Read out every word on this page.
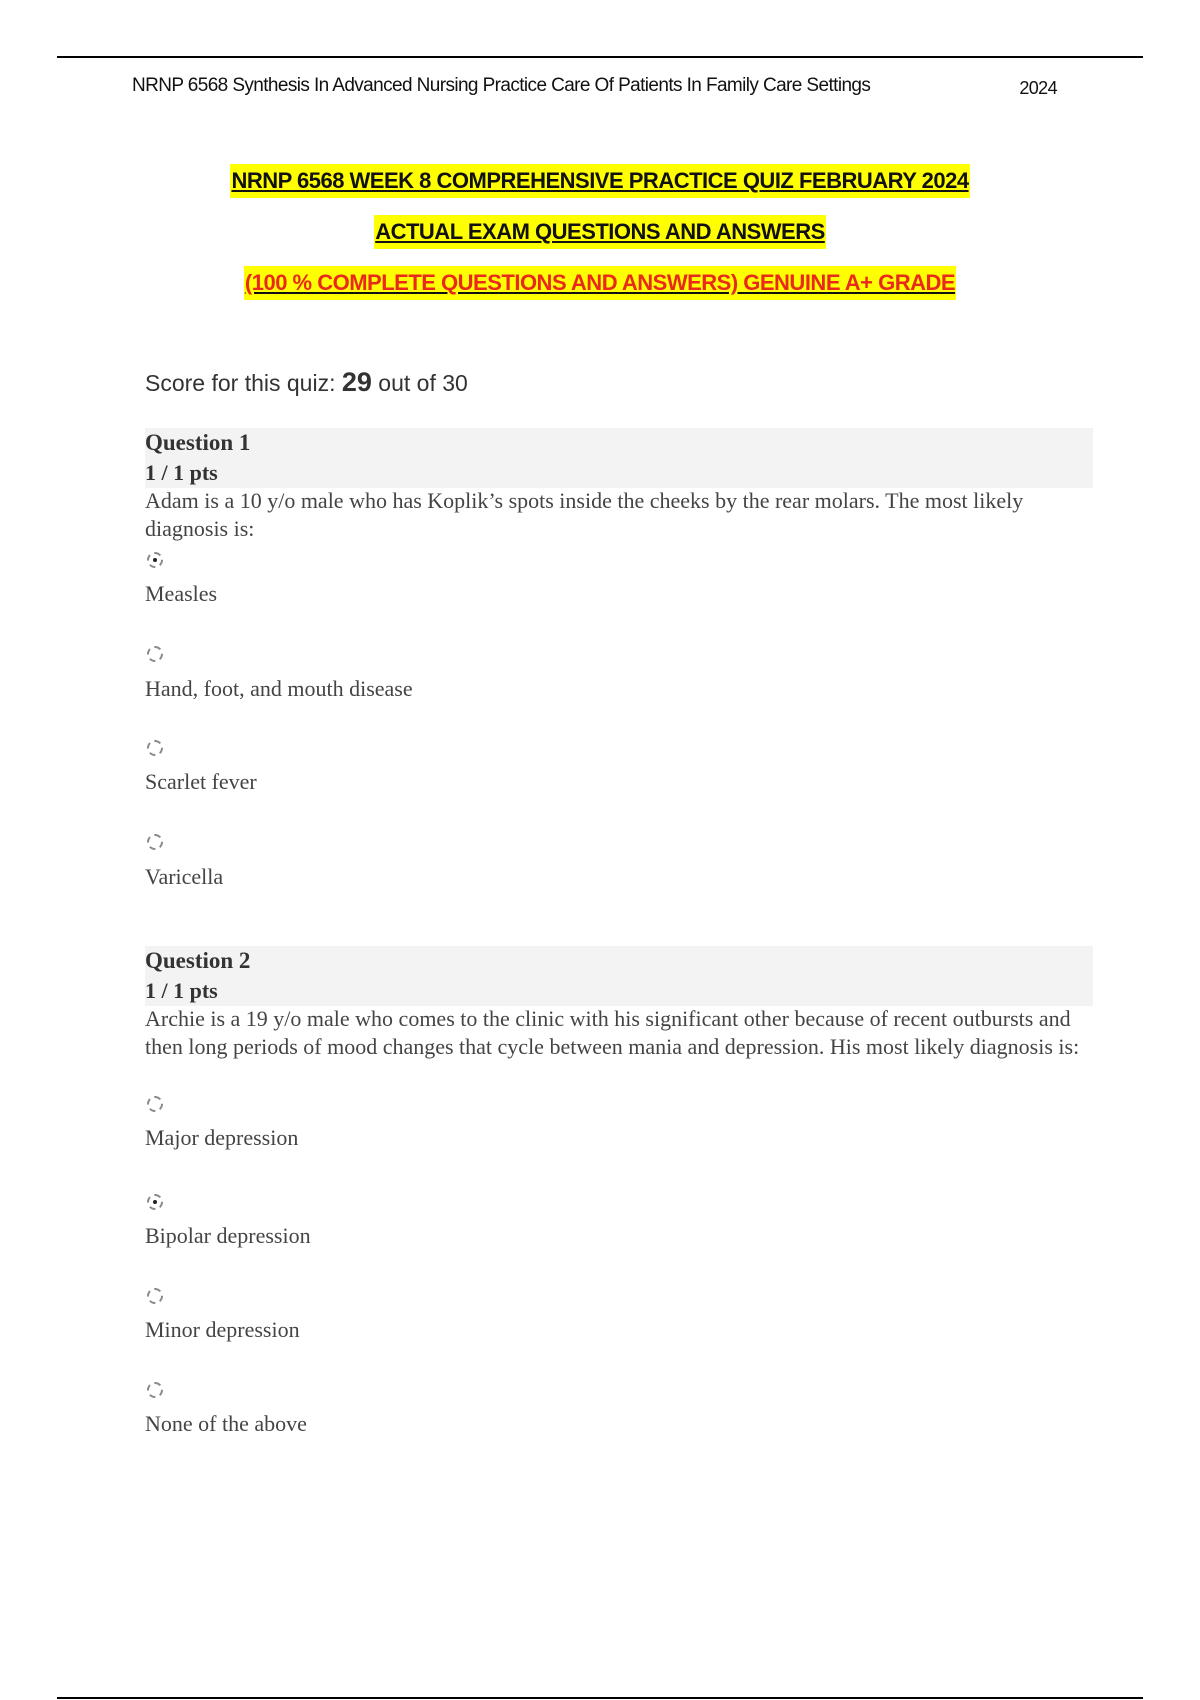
NRNP 6568 Synthesis In Advanced Nursing Practice Care Of Patients In Family Care Settings	2024
NRNP 6568 WEEK 8 COMPREHENSIVE PRACTICE QUIZ FEBRUARY 2024
ACTUAL EXAM QUESTIONS AND ANSWERS
(100 % COMPLETE QUESTIONS AND ANSWERS) GENUINE A+ GRADE
Score for this quiz: 29 out of 30
Question 1
1 / 1 pts
Adam is a 10 y/o male who has Koplik’s spots inside the cheeks by the rear molars. The most likely diagnosis is:
Measles
Hand, foot, and mouth disease
Scarlet fever
Varicella
Question 2
1 / 1 pts
Archie is a 19 y/o male who comes to the clinic with his significant other because of recent outbursts and then long periods of mood changes that cycle between mania and depression. His most likely diagnosis is:
Major depression
Bipolar depression
Minor depression
None of the above
